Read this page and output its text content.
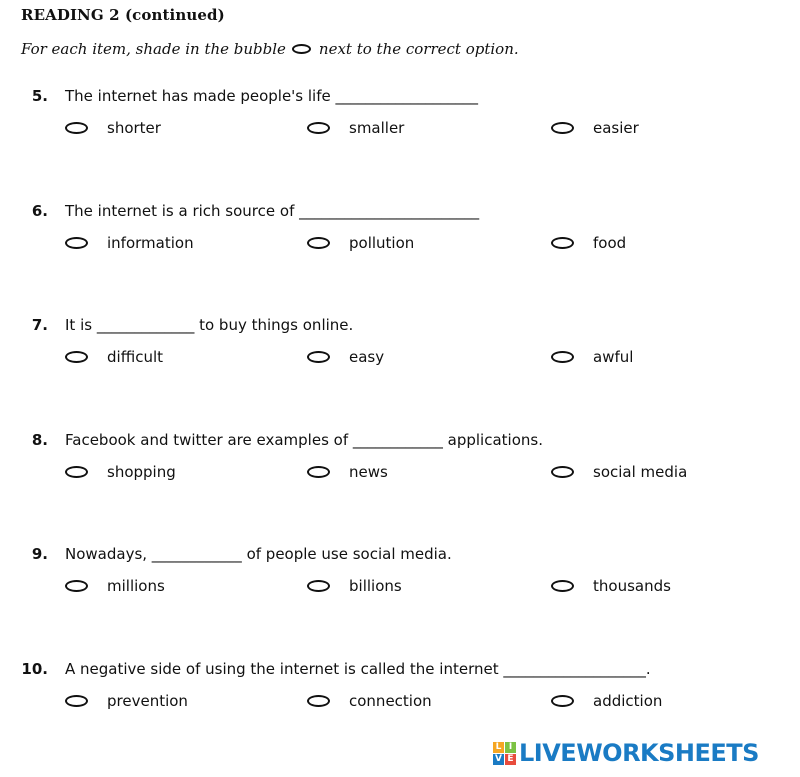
READING 2 (continued)
For each item, shade in the bubble next to the correct option.
5. The internet has made people's life ___________________
shorter	smaller	easier
6. The internet is a rich source of ________________________
information	pollution	food
7. It is _____________ to buy things online.
difficult	easy	awful
8. Facebook and twitter are examples of ____________ applications.
shopping	news	social media
9. Nowadays, ____________ of people use social media.
millions	billions	thousands
10. A negative side of using the internet is called the internet ___________________.
prevention	connection	addiction
L I
V E LIVEWORKSHEETS
